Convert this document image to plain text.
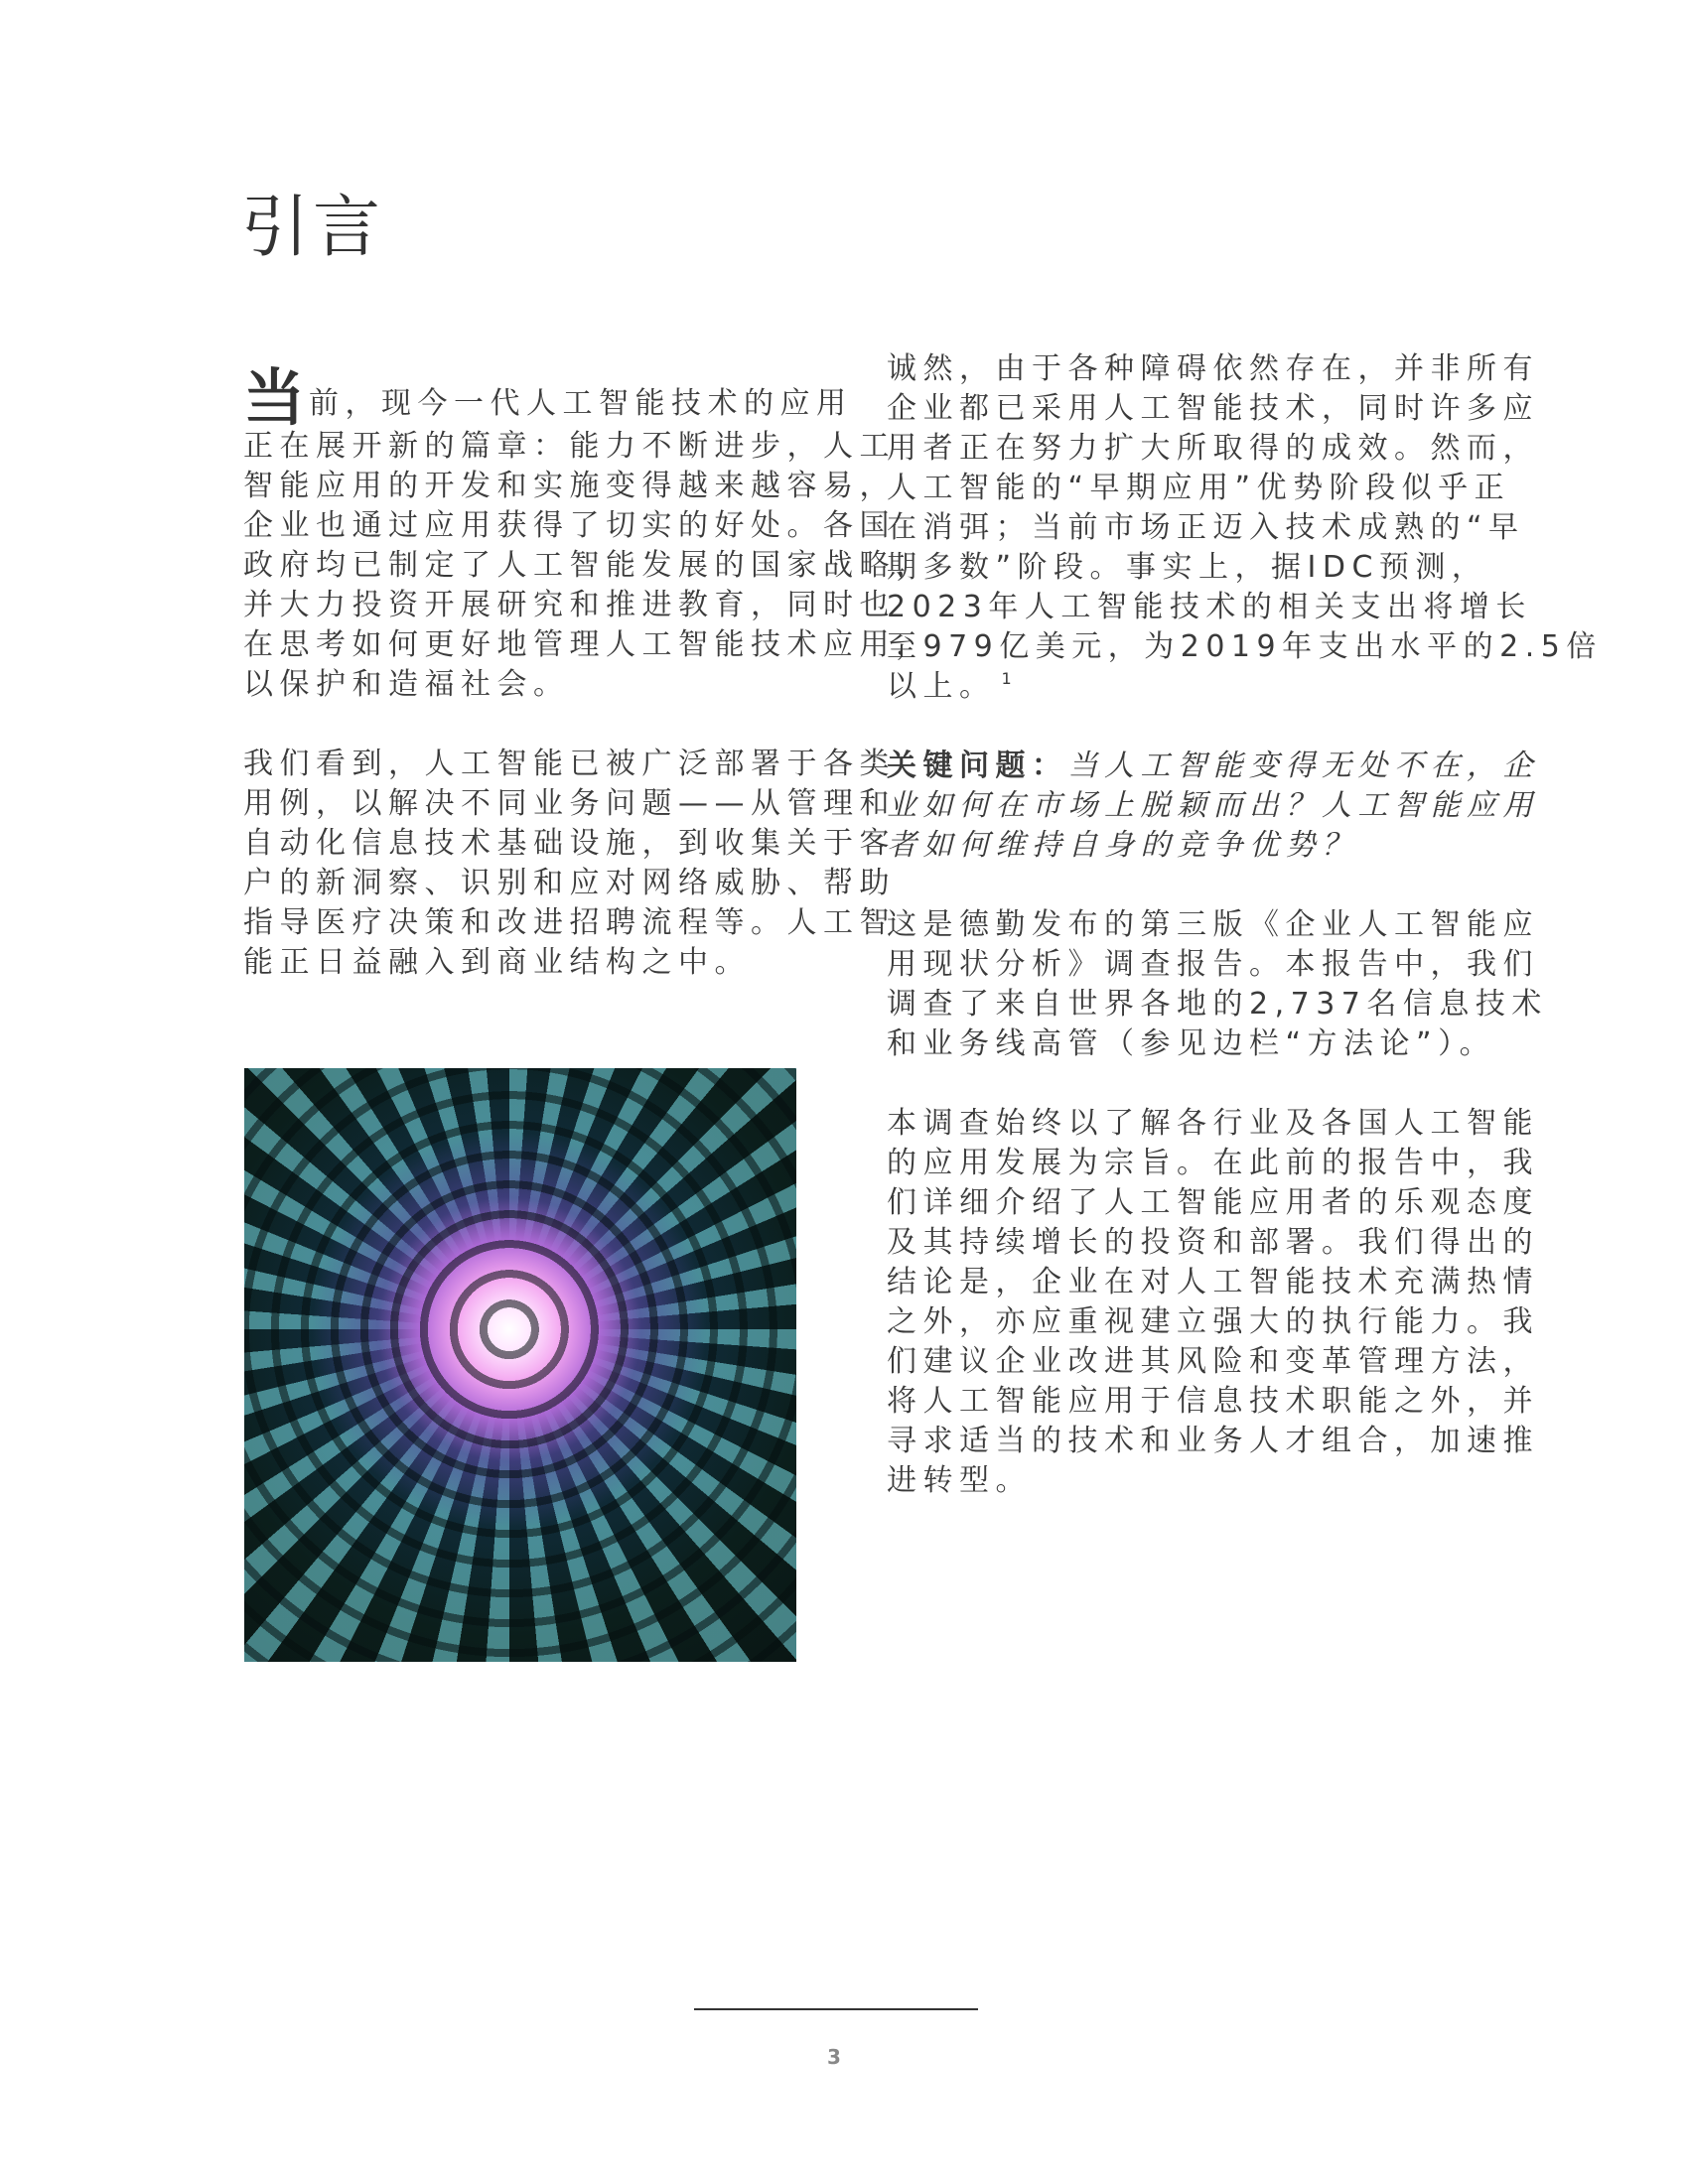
引言
当前，现今一代人工智能技术的应用
正在展开新的篇章：能力不断进步，人工
智能应用的开发和实施变得越来越容易，
企业也通过应用获得了切实的好处。各国
政府均已制定了人工智能发展的国家战略，
并大力投资开展研究和推进教育，同时也
在思考如何更好地管理人工智能技术应用，
以保护和造福社会。
我们看到，人工智能已被广泛部署于各类
用例，以解决不同业务问题——从管理和
自动化信息技术基础设施，到收集关于客
户的新洞察、识别和应对网络威胁、帮助
指导医疗决策和改进招聘流程等。人工智
能正日益融入到商业结构之中。
诚然，由于各种障碍依然存在，并非所有
企业都已采用人工智能技术，同时许多应
用者正在努力扩大所取得的成效。然而，
人工智能的“早期应用”优势阶段似乎正
在消弭；当前市场正迈入技术成熟的“早
期多数”阶段。事实上，据IDC预测，
2023年人工智能技术的相关支出将增长
至979亿美元，为2019年支出水平的2.5倍
以上。 $^1$
关键问题：当人工智能变得无处不在，企
业如何在市场上脱颖而出？人工智能应用
者如何维持自身的竞争优势？
这是德勤发布的第三版《企业人工智能应
用现状分析》调查报告。本报告中，我们
调查了来自世界各地的2,737名信息技术
和业务线高管（参见边栏“方法论”）。
本调查始终以了解各行业及各国人工智能
的应用发展为宗旨。在此前的报告中，我
们详细介绍了人工智能应用者的乐观态度
及其持续增长的投资和部署。我们得出的
结论是，企业在对人工智能技术充满热情
之外，亦应重视建立强大的执行能力。我
们建议企业改进其风险和变革管理方法，
将人工智能应用于信息技术职能之外，并
寻求适当的技术和业务人才组合，加速推
进转型。
3
